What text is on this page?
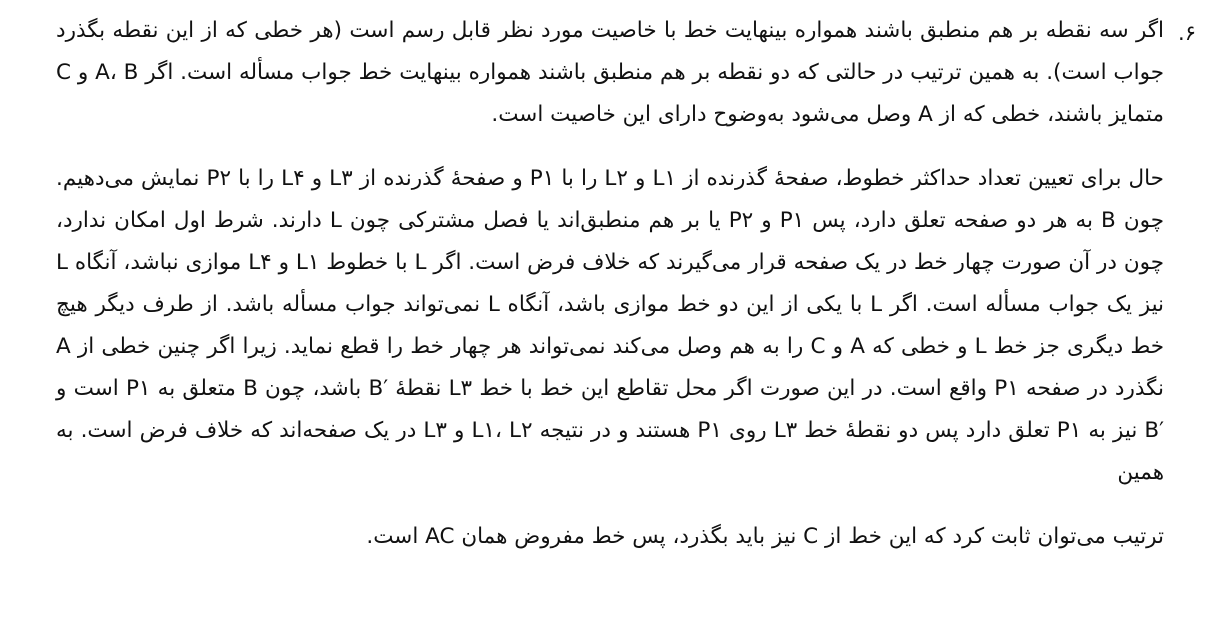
۶.

اگر سه نقطه بر هم منطبق باشند همواره بینهایت خط با خاصیت مورد نظر قابل رسم است (هر خطی که از این نقطه بگذرد جواب است). به همین ترتیب در حالتی که دو نقطه بر هم منطبق باشند همواره بینهایت خط جواب مسأله است. اگر A، B و C متمایز باشند، خطی که از A وصل می‌شود به‌وضوح دارای این خاصیت است.

حال برای تعیین تعداد حداکثر خطوط، صفحهٔ گذرنده از L۱ و L۲ را با P۱ و صفحهٔ گذرنده از L۳ و L۴ را با P۲ نمایش می‌دهیم. چون B به هر دو صفحه تعلق دارد، پس P۱ و P۲ یا بر هم منطبق‌اند یا فصل مشترکی چون L دارند. شرط اول امکان ندارد، چون در آن صورت چهار خط در یک صفحه قرار می‌گیرند که خلاف فرض است. اگر L با خطوط L۱ و L۴ موازی نباشد، آنگاه L نیز یک جواب مسأله است. اگر L با یکی از این دو خط موازی باشد، آنگاه L نمی‌تواند جواب مسأله باشد. از طرف دیگر هیچ خط دیگری جز خط L و خطی که A و C را به هم وصل می‌کند نمی‌تواند هر چهار خط را قطع نماید. زیرا اگر چنین خطی از A نگذرد در صفحه P۱ واقع است. در این صورت اگر محل تقاطع این خط با خط L۳ نقطهٔ ′B باشد، چون B متعلق به P۱ است و ′B نیز به P۱ تعلق دارد پس دو نقطهٔ خط L۳ روی P۱ هستند و در نتیجه L۱، L۲ و L۳ در یک صفحه‌اند که خلاف فرض است. به همین

ترتیب می‌توان ثابت کرد که این خط از C نیز باید بگذرد، پس خط مفروض همان AC است.
